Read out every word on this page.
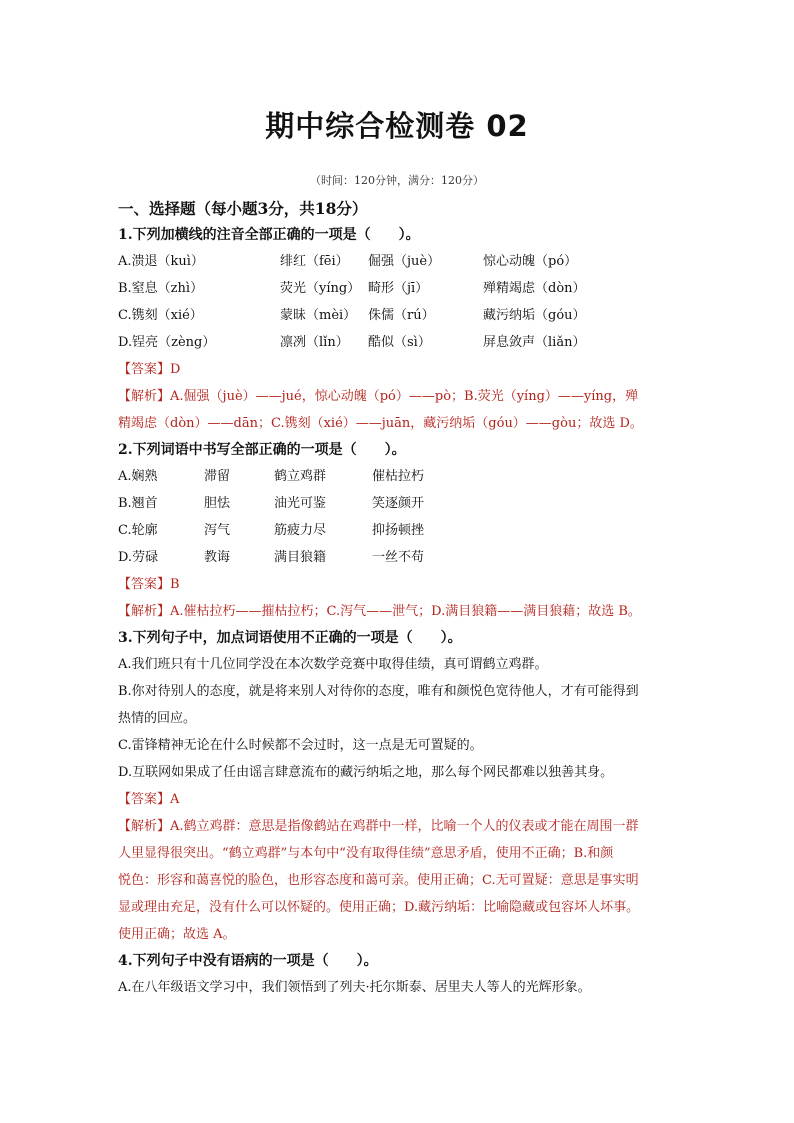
期中综合检测卷 02
（时间：120分钟，满分：120分）

一、选择题（每小题3分，共18分）

1.下列加横线的注音全部正确的一项是（　　）。

A.溃退（kuì）	绯红（fēi）	倔强（juè）	惊心动魄（pó）
B.窒息（zhì）	荧光（yíng） 畸形（jī）	殚精竭虑（dòn）
C.镌刻（xié）	蒙昧（mèi） 侏儒（rú）	藏污纳垢（góu）
D.锃亮（zèng）	凛冽（lǐn）	酷似（sì）	屏息敛声（liǎn）

【答案】D

【解析】A.倔强（juè）——jué，惊心动魄（pó）——pò；B.荧光（yíng）——yíng，殚
精竭虑（dòn）——dān；C.镌刻（xié）——juān，藏污纳垢（góu）——gòu；故选 D。

2.下列词语中书写全部正确的一项是（　　）。

A.娴熟	滞留	鹤立鸡群	催枯拉朽
B.翘首	胆怯	油光可鉴	笑逐颜开
C.轮廓	泻气	筋疲力尽	抑扬顿挫
D.劳碌	教诲	满目狼籍	一丝不苟

【答案】B

【解析】A.催枯拉朽——摧枯拉朽；C.泻气——泄气；D.满目狼籍——满目狼藉；故选 B。

3.下列句子中，加点词语使用不正确的一项是（　　）。

A.我们班只有十几位同学没在本次数学竞赛中取得佳绩，真可谓鹤立鸡群。

B.你对待别人的态度，就是将来别人对待你的态度，唯有和颜悦色宽待他人，才有可能得到
热情的回应。

C.雷锋精神无论在什么时候都不会过时，这一点是无可置疑的。

D.互联网如果成了任由谣言肆意流布的藏污纳垢之地，那么每个网民都难以独善其身。

【答案】A

【解析】A.鹤立鸡群：意思是指像鹤站在鸡群中一样，比喻一个人的仪表或才能在周围一群
人里显得很突出。“鹤立鸡群”与本句中“没有取得佳绩”意思矛盾，使用不正确；B.和颜
悦色：形容和蔼喜悦的脸色，也形容态度和蔼可亲。使用正确；C.无可置疑：意思是事实明
显或理由充足，没有什么可以怀疑的。使用正确；D.藏污纳垢：比喻隐藏或包容坏人坏事。
使用正确；故选 A。

4.下列句子中没有语病的一项是（　　）。

A.在八年级语文学习中，我们领悟到了列夫·托尔斯泰、居里夫人等人的光辉形象。
